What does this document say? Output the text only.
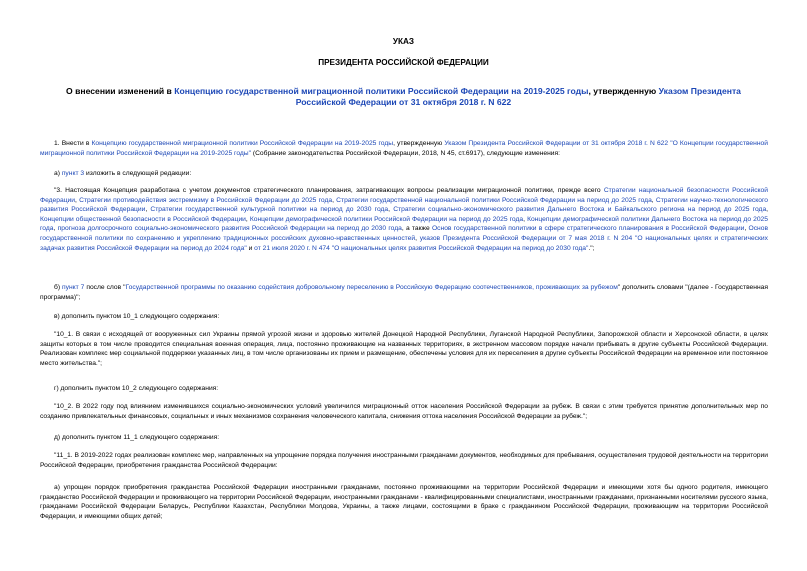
УКАЗ
ПРЕЗИДЕНТА РОССИЙСКОЙ ФЕДЕРАЦИИ
О внесении изменений в Концепцию государственной миграционной политики Российской Федерации на 2019-2025 годы, утвержденную Указом Президента Российской Федерации от 31 октября 2018 г. N 622

1. Внести в Концепцию государственной миграционной политики Российской Федерации на 2019-2025 годы, утвержденную Указом Президента Российской Федерации от 31 октября 2018 г. N 622 "О Концепции государственной миграционной политики Российской Федерации на 2019-2025 годы" (Собрание законодательства Российской Федерации, 2018, N 45, ст.6917), следующие изменения:

а) пункт 3 изложить в следующей редакции:

"3. Настоящая Концепция разработана с учетом документов стратегического планирования, затрагивающих вопросы реализации миграционной политики, прежде всего Стратегии национальной безопасности Российской Федерации, Стратегии противодействия экстремизму в Российской Федерации до 2025 года, Стратегии государственной национальной политики Российской Федерации на период до 2025 года, Стратегии научно-технологического развития Российской Федерации, Стратегии государственной культурной политики на период до 2030 года, Стратегии социально-экономического развития Дальнего Востока и Байкальского региона на период до 2025 года, Концепции общественной безопасности в Российской Федерации, Концепции демографической политики Российской Федерации на период до 2025 года, Концепции демографической политики Дальнего Востока на период до 2025 года, прогноза долгосрочного социально-экономического развития Российской Федерации на период до 2030 года, а также Основ государственной политики в сфере стратегического планирования в Российской Федерации, Основ государственной политики по сохранению и укреплению традиционных российских духовно-нравственных ценностей, указов Президента Российской Федерации от 7 мая 2018 г. N 204 "О национальных целях и стратегических задачах развития Российской Федерации на период до 2024 года" и от 21 июля 2020 г. N 474 "О национальных целях развития Российской Федерации на период до 2030 года".";

б) пункт 7 после слов "Государственной программы по оказанию содействия добровольному переселению в Российскую Федерацию соотечественников, проживающих за рубежом" дополнить словами "(далее - Государственная программа)";

в) дополнить пунктом 10_1 следующего содержания:

"10_1. В связи с исходящей от вооруженных сил Украины прямой угрозой жизни и здоровью жителей Донецкой Народной Республики, Луганской Народной Республики, Запорожской области и Херсонской области, в целях защиты которых в том числе проводится специальная военная операция, лица, постоянно проживающие на названных территориях, в экстренном массовом порядке начали прибывать в другие субъекты Российской Федерации. Реализован комплекс мер социальной поддержки указанных лиц, в том числе организованы их прием и размещение, обеспечены условия для их переселения в другие субъекты Российской Федерации на временное или постоянное место жительства.";

г) дополнить пунктом 10_2 следующего содержания:

"10_2. В 2022 году под влиянием изменившихся социально-экономических условий увеличился миграционный отток населения Российской Федерации за рубеж. В связи с этим требуется принятие дополнительных мер по созданию привлекательных финансовых, социальных и иных механизмов сохранения человеческого капитала, снижения оттока населения Российской Федерации за рубеж.";

д) дополнить пунктом 11_1 следующего содержания:

"11_1. В 2019-2022 годах реализован комплекс мер, направленных на упрощение порядка получения иностранными гражданами документов, необходимых для пребывания, осуществления трудовой деятельности на территории Российской Федерации, приобретения гражданства Российской Федерации:

а) упрощен порядок приобретения гражданства Российской Федерации иностранными гражданами, постоянно проживающими на территории Российской Федерации и имеющими хотя бы одного родителя, имеющего гражданство Российской Федерации и проживающего на территории Российской Федерации, иностранными гражданами - квалифицированными специалистами, иностранными гражданами, признанными носителями русского языка, гражданами Российской Федерации Беларусь, Республики Казахстан, Республики Молдова, Украины, а также лицами, состоящими в браке с гражданином Российской Федерации, проживающим на территории Российской Федерации, и имеющими общих детей;
